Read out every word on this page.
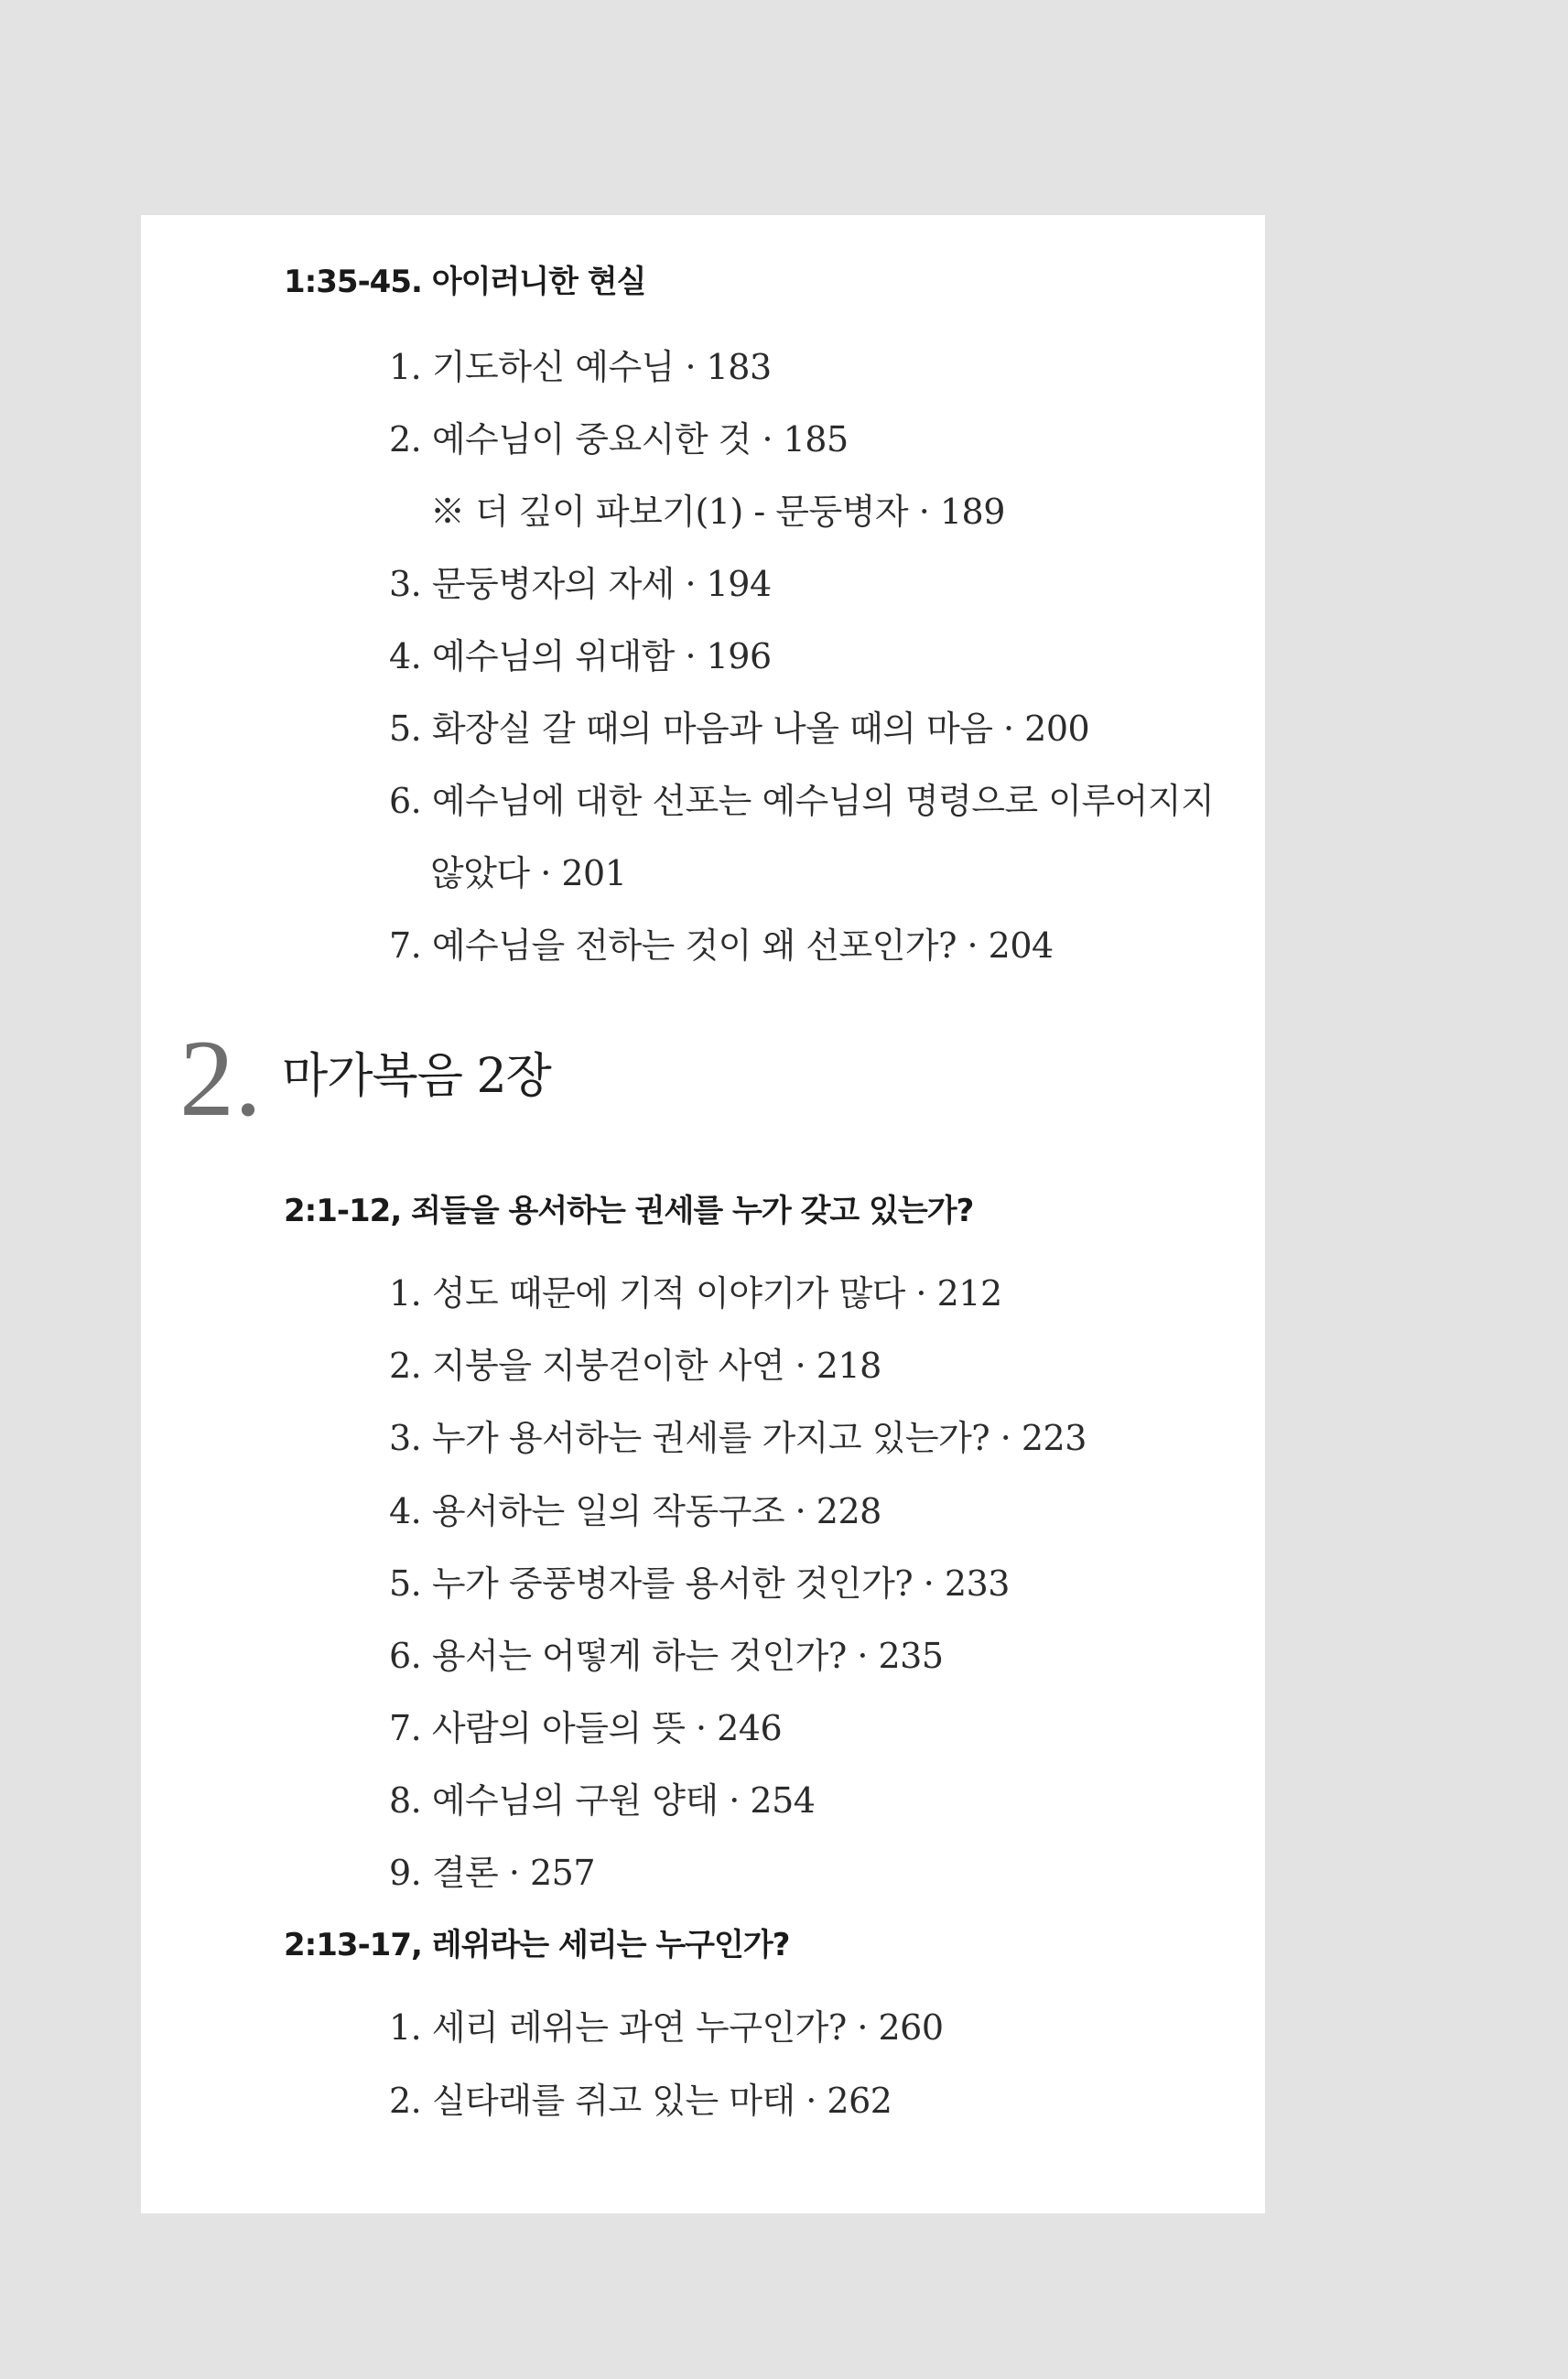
1:35-45. 아이러니한 현실
1. 기도하신 예수님 · 183
2. 예수님이 중요시한 것 · 185
※ 더 깊이 파보기(1) - 문둥병자 · 189
3. 문둥병자의 자세 · 194
4. 예수님의 위대함 · 196
5. 화장실 갈 때의 마음과 나올 때의 마음 · 200
6. 예수님에 대한 선포는 예수님의 명령으로 이루어지지
않았다 · 201
7. 예수님을 전하는 것이 왜 선포인가? · 204
2. 마가복음 2장
2:1-12, 죄들을 용서하는 권세를 누가 갖고 있는가?
1. 성도 때문에 기적 이야기가 많다 · 212
2. 지붕을 지붕걷이한 사연 · 218
3. 누가 용서하는 권세를 가지고 있는가? · 223
4. 용서하는 일의 작동구조 · 228
5. 누가 중풍병자를 용서한 것인가? · 233
6. 용서는 어떻게 하는 것인가? · 235
7. 사람의 아들의 뜻 · 246
8. 예수님의 구원 양태 · 254
9. 결론 · 257
2:13-17, 레위라는 세리는 누구인가?
1. 세리 레위는 과연 누구인가? · 260
2. 실타래를 쥐고 있는 마태 · 262
